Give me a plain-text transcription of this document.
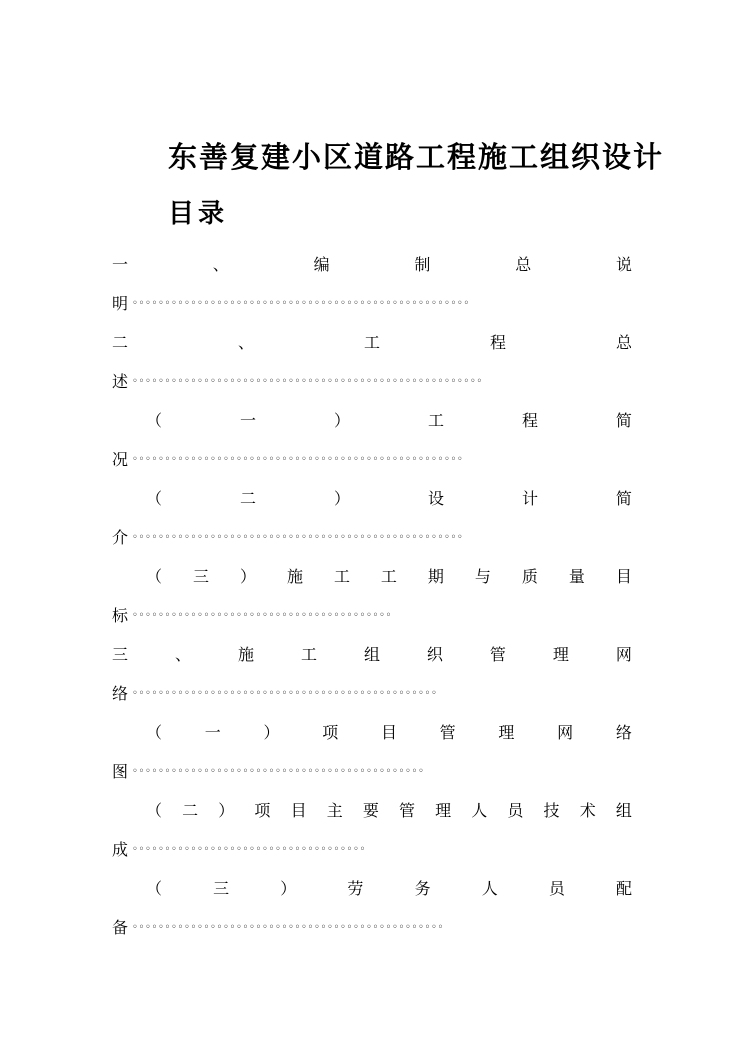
东善复建小区道路工程施工组织设计
目录
一	、	编	制	总	说
明 ◦◦◦◦◦◦◦◦◦◦◦◦◦◦◦◦◦◦◦◦◦◦◦◦◦◦◦◦◦◦◦◦◦◦◦◦◦◦◦◦◦◦◦◦◦◦◦◦◦◦◦◦
二	、	工	程	总
述 ◦◦◦◦◦◦◦◦◦◦◦◦◦◦◦◦◦◦◦◦◦◦◦◦◦◦◦◦◦◦◦◦◦◦◦◦◦◦◦◦◦◦◦◦◦◦◦◦◦◦◦◦◦◦
（	一	）	工	程	简
况 ◦◦◦◦◦◦◦◦◦◦◦◦◦◦◦◦◦◦◦◦◦◦◦◦◦◦◦◦◦◦◦◦◦◦◦◦◦◦◦◦◦◦◦◦◦◦◦◦◦◦◦
（	二	）	设	计	简
介 ◦◦◦◦◦◦◦◦◦◦◦◦◦◦◦◦◦◦◦◦◦◦◦◦◦◦◦◦◦◦◦◦◦◦◦◦◦◦◦◦◦◦◦◦◦◦◦◦◦◦◦
（ 三 ） 施 工 工 期 与 质 量 目
标 ◦◦◦◦◦◦◦◦◦◦◦◦◦◦◦◦◦◦◦◦◦◦◦◦◦◦◦◦◦◦◦◦◦◦◦◦◦◦◦◦
三	、	施	工	组	织	管	理	网
络 ◦◦◦◦◦◦◦◦◦◦◦◦◦◦◦◦◦◦◦◦◦◦◦◦◦◦◦◦◦◦◦◦◦◦◦◦◦◦◦◦◦◦◦◦◦◦◦
（	一	）	项	目	管	理	网	络
图 ◦◦◦◦◦◦◦◦◦◦◦◦◦◦◦◦◦◦◦◦◦◦◦◦◦◦◦◦◦◦◦◦◦◦◦◦◦◦◦◦◦◦◦◦◦
（ 二 ） 项 目 主 要 管 理 人 员 技 术 组
成 ◦◦◦◦◦◦◦◦◦◦◦◦◦◦◦◦◦◦◦◦◦◦◦◦◦◦◦◦◦◦◦◦◦◦◦◦
（	三	）	劳	务	人	员	配
备 ◦◦◦◦◦◦◦◦◦◦◦◦◦◦◦◦◦◦◦◦◦◦◦◦◦◦◦◦◦◦◦◦◦◦◦◦◦◦◦◦◦◦◦◦◦◦◦◦
